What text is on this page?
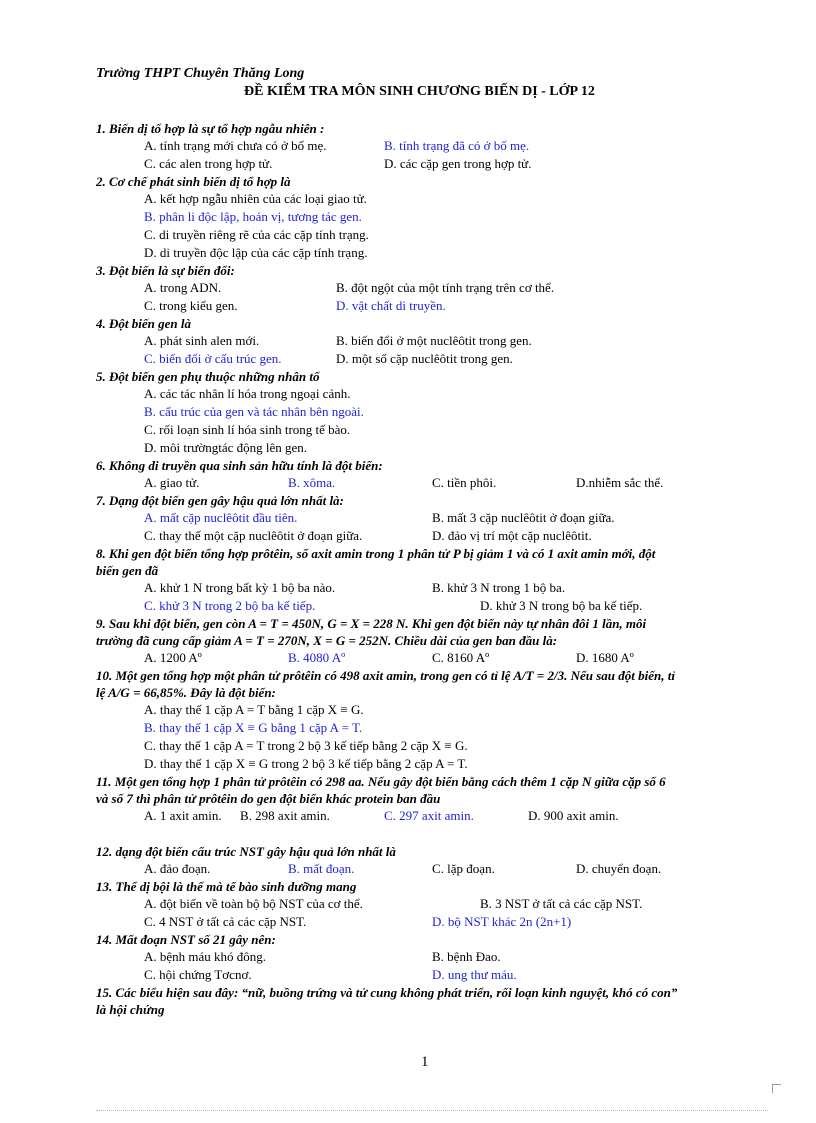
Trường THPT Chuyên Thăng Long
ĐỀ KIỂM TRA MÔN SINH CHƯƠNG BIẾN DỊ - LỚP 12
1. Biến dị tổ hợp là sự tổ hợp ngẫu nhiên :
A. tính trạng mới chưa có ở bố mẹ.	B. tính trạng đã có ở bố mẹ.
C. các alen trong hợp tử.	D. các cặp gen trong hợp tử.
2. Cơ chế phát sinh biến dị tổ hợp là
A. kết hợp ngẫu nhiên của các loại giao tử.
B. phân li độc lập, hoán vị, tương tác gen.
C. di truyền riêng rẽ của các cặp tính trạng.
D. di truyền độc lập của các cặp tính trạng.
3. Đột biến là sự biến đổi:
A. trong ADN.	B. đột ngột của một tính trạng trên cơ thể.
C. trong kiểu gen.	D. vật chất di truyền.
4. Đột biến gen là
A. phát sinh alen mới.	B. biến đổi ở một nuclêôtit trong gen.
C. biến đổi ở cấu trúc gen.	D. một số cặp nuclêôtit trong gen.
5. Đột biến gen phụ thuộc những nhân tố
A. các tác nhân lí hóa trong ngoại cảnh.
B. cấu trúc của gen và tác nhân bên ngoài.
C. rối loạn sinh lí hóa sinh trong tế bào.
D. môi trườngtác động lên gen.
6. Không di truyền qua sinh sản hữu tính là đột biến:
A. giao tử.	B. xôma.	C. tiền phôi.	D.nhiễm sắc thể.
7. Dạng đột biến gen gây hậu quả lớn nhất là:
A. mất cặp nuclêôtit đầu tiên.	B. mất 3 cặp nuclêôtit ở đoạn giữa.
C. thay thế một cặp nuclêôtit ở đoạn giữa.	D. đảo vị trí một cặp nuclêôtit.
8. Khi gen đột biến tổng hợp prôtêin, số axit amin trong 1 phân tử P bị giảm 1 và có 1 axit amin mới, đột
biến gen đã
A. khử 1 N trong bất kỳ 1 bộ ba nào.	B. khử 3 N trong 1 bộ ba.
C. khử 3 N trong 2 bộ ba kế tiếp.	D. khử 3 N trong bộ ba kế tiếp.
9. Sau khi đột biến, gen còn A = T = 450N, G = X = 228 N. Khi gen đột biến này tự nhân đôi 1 lần, môi
trường đã cung cấp giảm A = T = 270N, X = G = 252N. Chiều dài của gen ban đầu là:
A. 1200 Aº	B. 4080 Aº	C. 8160 Aº	D. 1680 Aº
10. Một gen tổng hợp một phân tử prôtêin có 498 axit amin, trong gen có tỉ lệ A/T = 2/3. Nếu sau đột biến, tỉ
lệ A/G = 66,85%. Đây là đột biến:
A. thay thế 1 cặp A = T bằng 1 cặp X ≡ G.
B. thay thế 1 cặp X ≡ G bằng 1 cặp A = T.
C. thay thế 1 cặp A = T trong 2 bộ 3 kế tiếp bằng 2 cặp X ≡ G.
D. thay thế 1 cặp X ≡ G trong 2 bộ 3 kế tiếp bằng 2 cặp A = T.
11. Một gen tổng hợp 1 phân tử prôtêin có 298 aa. Nếu gây đột biến bằng cách thêm 1 cặp N giữa cặp số 6
và số 7 thì phân tử prôtêin do gen đột biến khác protein ban đầu
A. 1 axit amin. B. 298 axit amin.	C. 297 axit amin.	D. 900 axit amin.
12. dạng đột biến cấu trúc NST gây hậu quả lớn nhất là
A. đảo đoạn.	B. mất đoạn.	C. lặp đoạn.	D. chuyển đoạn.
13. Thể dị bội là thể mà tế bào sinh dưỡng mang
A. đột biến về toàn bộ bộ NST của cơ thể.	B. 3 NST ở tất cả các cặp NST.
C. 4 NST ở tất cả các cặp NST.	D. bộ NST khác 2n (2n+1)
14. Mất đoạn NST số 21 gây nên:
A. bệnh máu khó đông.	B. bệnh Đao.
C. hội chứng Tơcnơ.	D. ung thư máu.
15. Các biểu hiện sau đây: “nữ, buồng trứng và tử cung không phát triển, rối loạn kinh nguyệt, khó có con”
là hội chứng
1
